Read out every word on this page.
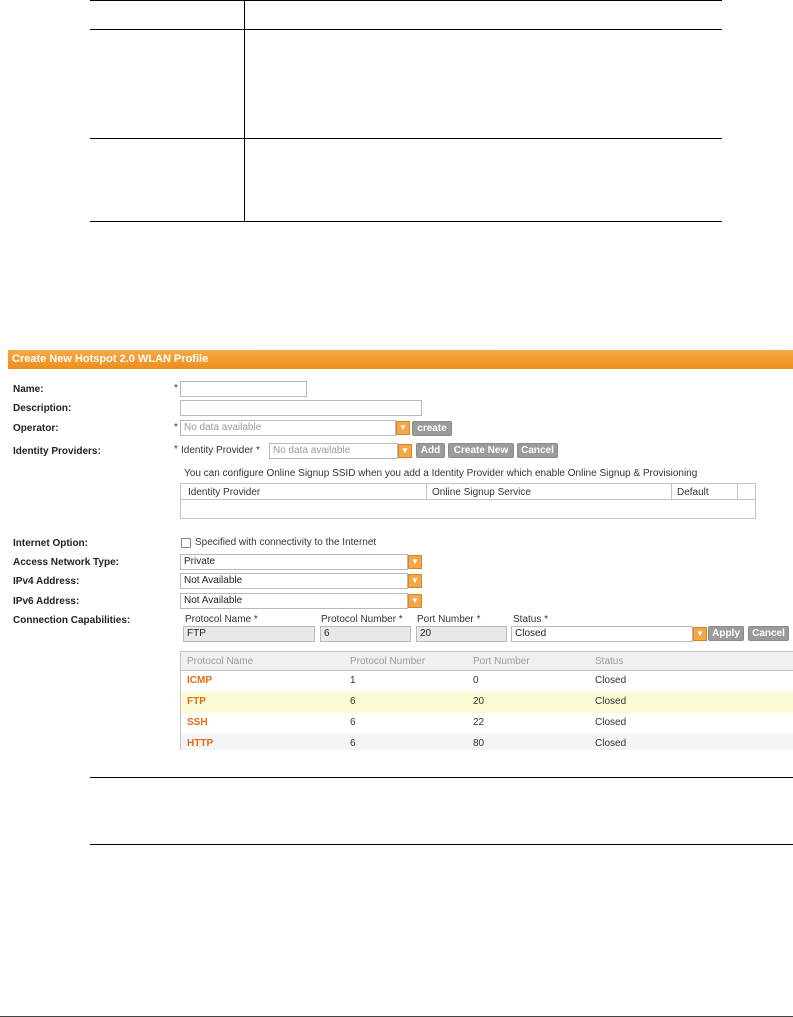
Create New Hotspot 2.0 WLAN Profile
Name:	*
Description:
Operator:	* No data available	▼	create
Identity Providers:	* Identity Provider *	No data available	▼	Add	Create New	Cancel
You can configure Online Signup SSID when you add a Identity Provider which enable Online Signup & Provisioning
Identity Provider	Online Signup Service	Default
Internet Option:	Specified with connectivity to the Internet
Access Network Type:	Private	▼
IPv4 Address:	Not Available	▼
IPv6 Address:	Not Available	▼
Connection Capabilities:	Protocol Name *	Protocol Number * Port Number *	Status *
FTP	6	20	Closed	▼ Apply	Cancel
Protocol Name	Protocol Number	Port Number	Status
ICMP	1	0	Closed
FTP	6	20	Closed
SSH	6	22	Closed
HTTP	6	80	Closed
